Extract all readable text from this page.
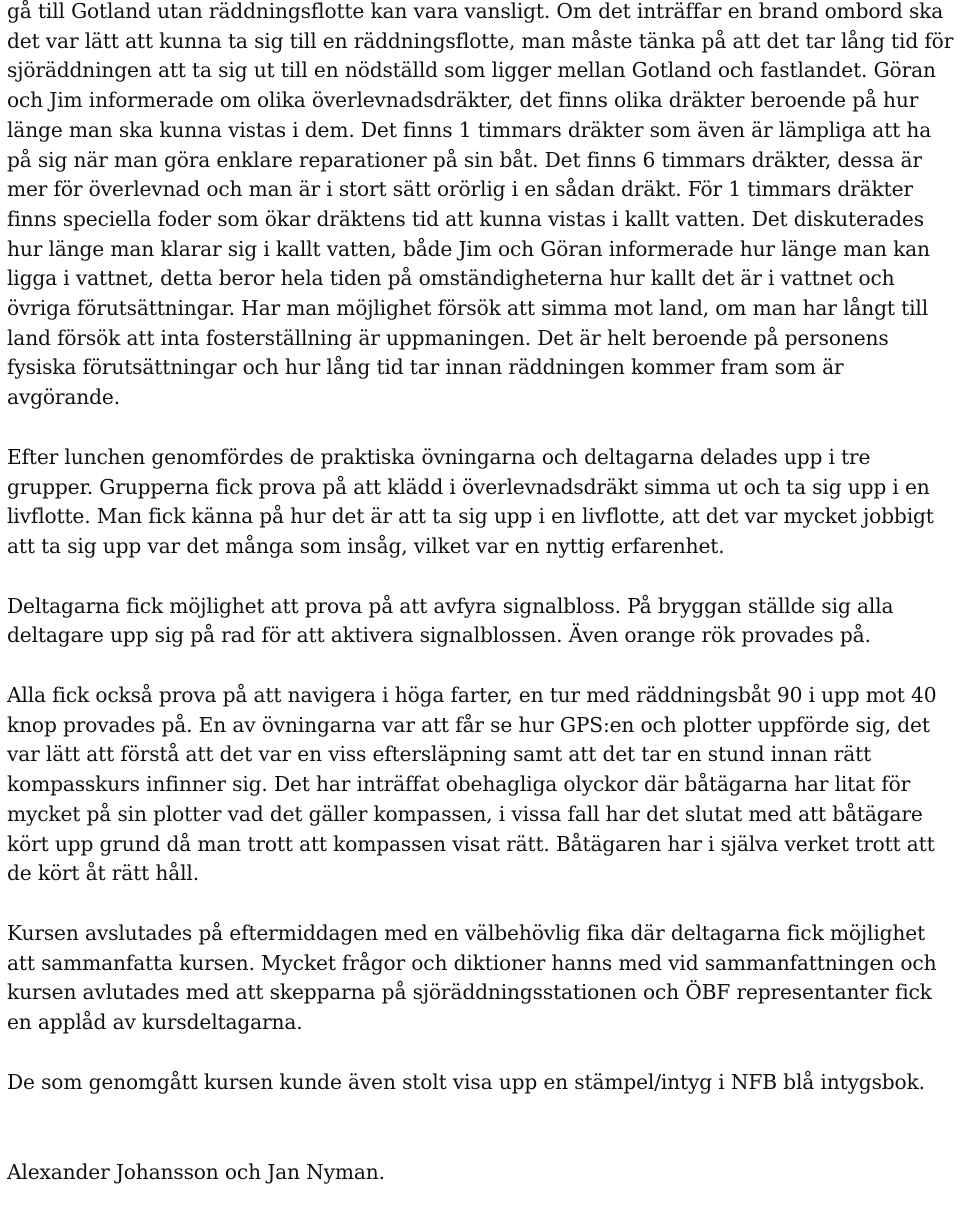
gå till Gotland utan räddningsflotte kan vara vansligt. Om det inträffar en brand ombord ska det var lätt att kunna ta sig till en räddningsflotte, man måste tänka på att det tar lång tid för sjöräddningen att ta sig ut till en nödställd som ligger mellan Gotland och fastlandet. Göran och Jim informerade om olika överlevnadsdräkter, det finns olika dräkter beroende på hur länge man ska kunna vistas i dem. Det finns 1 timmars dräkter som även är lämpliga att ha på sig när man göra enklare reparationer på sin båt. Det finns 6 timmars dräkter, dessa är mer för överlevnad och man är i stort sätt orörlig i en sådan dräkt. För 1 timmars dräkter finns speciella foder som ökar dräktens tid att kunna vistas i kallt vatten. Det diskuterades hur länge man klarar sig i kallt vatten, både Jim och Göran informerade hur länge man kan ligga i vattnet, detta beror hela tiden på omständigheterna hur kallt det är i vattnet och övriga förutsättningar. Har man möjlighet försök att simma mot land, om man har långt till land försök att inta fosterställning är uppmaningen. Det är helt beroende på personens fysiska förutsättningar och hur lång tid tar innan räddningen kommer fram som är avgörande.

Efter lunchen genomfördes de praktiska övningarna och deltagarna delades upp i tre grupper. Grupperna fick prova på att klädd i överlevnadsdräkt simma ut och ta sig upp i en livflotte. Man fick känna på hur det är att ta sig upp i en livflotte, att det var mycket jobbigt att ta sig upp var det många som insåg, vilket var en nyttig erfarenhet.

Deltagarna fick möjlighet att prova på att avfyra signalbloss. På bryggan ställde sig alla deltagare upp sig på rad för att aktivera signalblossen. Även orange rök provades på.

Alla fick också prova på att navigera i höga farter, en tur med räddningsbåt 90 i upp mot 40 knop provades på. En av övningarna var att får se hur GPS:en och plotter uppförde sig, det var lätt att förstå att det var en viss eftersläpning samt att det tar en stund innan rätt kompasskurs infinner sig. Det har inträffat obehagliga olyckor där båtägarna har litat för mycket på sin plotter vad det gäller kompassen, i vissa fall har det slutat med att båtägare kört upp grund då man trott att kompassen visat rätt. Båtägaren har i själva verket trott att de kört åt rätt håll.

Kursen avslutades på eftermiddagen med en välbehövlig fika där deltagarna fick möjlighet att sammanfatta kursen. Mycket frågor och diktioner hanns med vid sammanfattningen och kursen avlutades med att skepparna på sjöräddningsstationen och ÖBF representanter fick en applåd av kursdeltagarna.

De som genomgått kursen kunde även stolt visa upp en stämpel/intyg i NFB blå intygsbok.

Alexander Johansson och Jan Nyman.
